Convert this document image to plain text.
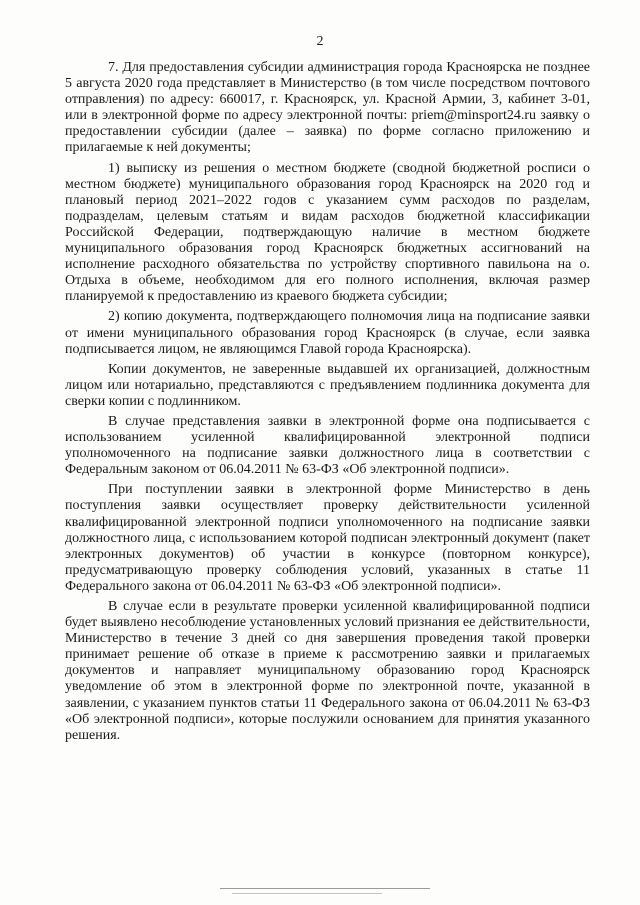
2

7. Для предоставления субсидии администрация города Красноярска не позднее 5 августа 2020 года представляет в Министерство (в том числе посредством почтового отправления) по адресу: 660017, г. Красноярск, ул. Красной Армии, 3, кабинет 3-01, или в электронной форме по адресу электронной почты: priem@minsport24.ru заявку о предоставлении субсидии (далее – заявка) по форме согласно приложению и прилагаемые к ней документы;

1) выписку из решения о местном бюджете (сводной бюджетной росписи о местном бюджете) муниципального образования город Красноярск на 2020 год и плановый период 2021–2022 годов с указанием сумм расходов по разделам, подразделам, целевым статьям и видам расходов бюджетной классификации Российской Федерации, подтверждающую наличие в местном бюджете муниципального образования город Красноярск бюджетных ассигнований на исполнение расходного обязательства по устройству спортивного павильона на о. Отдыха в объеме, необходимом для его полного исполнения, включая размер планируемой к предоставлению из краевого бюджета субсидии;

2) копию документа, подтверждающего полномочия лица на подписание заявки от имени муниципального образования город Красноярск (в случае, если заявка подписывается лицом, не являющимся Главой города Красноярска).

Копии документов, не заверенные выдавшей их организацией, должностным лицом или нотариально, представляются с предъявлением подлинника документа для сверки копии с подлинником.

В случае представления заявки в электронной форме она подписывается с использованием усиленной квалифицированной электронной подписи уполномоченного на подписание заявки должностного лица в соответствии с Федеральным законом от 06.04.2011 № 63-ФЗ «Об электронной подписи».

При поступлении заявки в электронной форме Министерство в день поступления заявки осуществляет проверку действительности усиленной квалифицированной электронной подписи уполномоченного на подписание заявки должностного лица, с использованием которой подписан электронный документ (пакет электронных документов) об участии в конкурсе (повторном конкурсе), предусматривающую проверку соблюдения условий, указанных в статье 11 Федерального закона от 06.04.2011 № 63-ФЗ «Об электронной подписи».

В случае если в результате проверки усиленной квалифицированной подписи будет выявлено несоблюдение установленных условий признания ее действительности, Министерство в течение 3 дней со дня завершения проведения такой проверки принимает решение об отказе в приеме к рассмотрению заявки и прилагаемых документов и направляет муниципальному образованию город Красноярск уведомление об этом в электронной форме по электронной почте, указанной в заявлении, с указанием пунктов статьи 11 Федерального закона от 06.04.2011 № 63-ФЗ «Об электронной подписи», которые послужили основанием для принятия указанного решения.
